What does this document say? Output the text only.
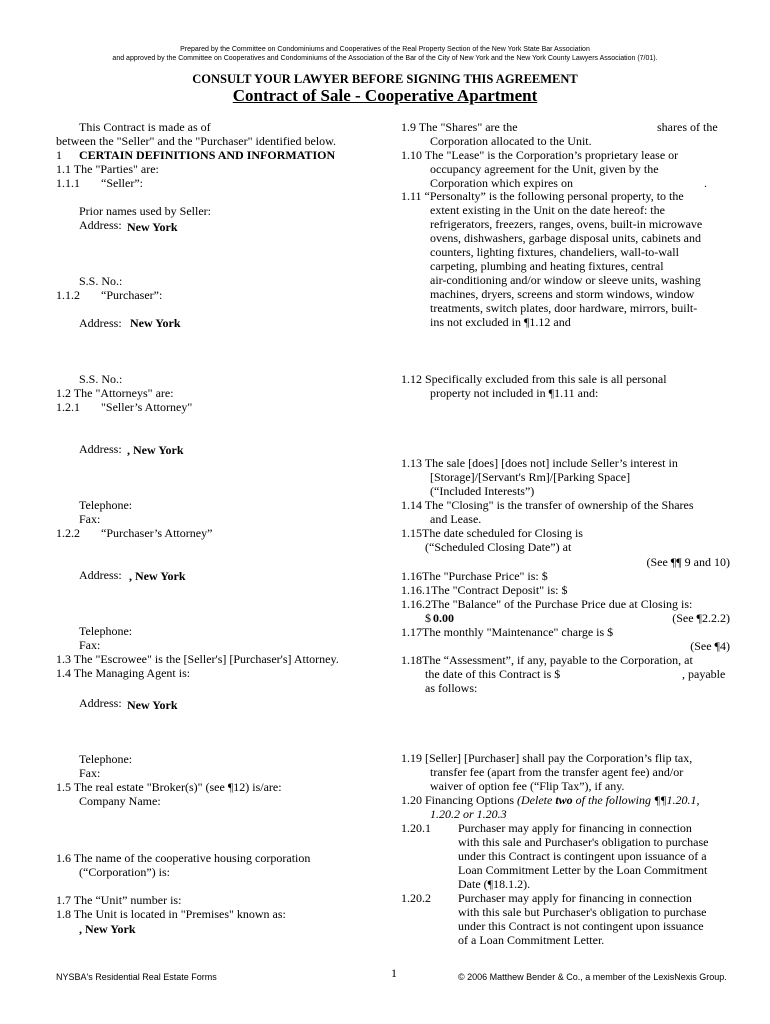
Prepared by the Committee on Condominiums and Cooperatives of the Real Property Section of the New York State Bar Association
and approved by the Committee on Cooperatives and Condominiums of the Association of the Bar of the City of New York and the New York County Lawyers Association (7/01).
CONSULT YOUR LAWYER BEFORE SIGNING THIS AGREEMENT
Contract of Sale - Cooperative Apartment
This Contract is made as of
between the "Seller" and the "Purchaser" identified below.
1 CERTAIN DEFINITIONS AND INFORMATION
1.1 The "Parties" are:
1.1.1 “Seller”:
Prior names used by Seller:
Address: New York
S.S. No.:
1.1.2 “Purchaser”:
Address: New York
S.S. No.:
1.2 The "Attorneys" are:
1.2.1 "Seller’s Attorney"
Address: , New York
Telephone:
Fax:
1.2.2 “Purchaser’s Attorney”
Address: , New York
Telephone:
Fax:
1.3 The "Escrowee" is the [Seller's] [Purchaser's] Attorney.
1.4 The Managing Agent is:
Address: New York
Telephone:
Fax:
1.5 The real estate "Broker(s)" (see ¶12) is/are:
Company Name:
1.6 The name of the cooperative housing corporation
(“Corporation”) is:
1.7 The “Unit” number is:
1.8 The Unit is located in "Premises" known as:
, New York
1.9 The "Shares" are the	shares of the
Corporation allocated to the Unit.
1.10 The "Lease" is the Corporation’s proprietary lease or
occupancy agreement for the Unit, given by the
Corporation which expires on	.
1.11 “Personalty” is the following personal property, to the
extent existing in the Unit on the date hereof: the
refrigerators, freezers, ranges, ovens, built-in microwave
ovens, dishwashers, garbage disposal units, cabinets and
counters, lighting fixtures, chandeliers, wall-to-wall
carpeting, plumbing and heating fixtures, central
air-conditioning and/or window or sleeve units, washing
machines, dryers, screens and storm windows, window
treatments, switch plates, door hardware, mirrors, built-
ins not excluded in ¶1.12 and
1.12 Specifically excluded from this sale is all personal
property not included in ¶1.11 and:
1.13 The sale [does] [does not] include Seller’s interest in
[Storage]/[Servant's Rm]/[Parking Space]
(“Included Interests”)
1.14 The "Closing" is the transfer of ownership of the Shares
and Lease.
1.15The date scheduled for Closing is
(“Scheduled Closing Date”) at
(See ¶¶ 9 and 10)
1.16The "Purchase Price" is: $
1.16.1The "Contract Deposit" is: $
1.16.2The "Balance" of the Purchase Price due at Closing is:
$ 0.00	(See ¶2.2.2)
1.17The monthly "Maintenance" charge is $
(See ¶4)
1.18The “Assessment”, if any, payable to the Corporation, at
the date of this Contract is $	, payable
as follows:
1.19 [Seller] [Purchaser] shall pay the Corporation’s flip tax,
transfer fee (apart from the transfer agent fee) and/or
waiver of option fee (“Flip Tax”), if any.
1.20 Financing Options (Delete two of the following ¶¶1.20.1,
1.20.2 or 1.20.3
1.20.1 Purchaser may apply for financing in connection
with this sale and Purchaser's obligation to purchase
under this Contract is contingent upon issuance of a
Loan Commitment Letter by the Loan Commitment
Date (¶18.1.2).
1.20.2 Purchaser may apply for financing in connection
with this sale but Purchaser's obligation to purchase
under this Contract is not contingent upon issuance
of a Loan Commitment Letter.
NYSBA's Residential Real Estate Forms	1	© 2006 Matthew Bender & Co., a member of the LexisNexis Group.
